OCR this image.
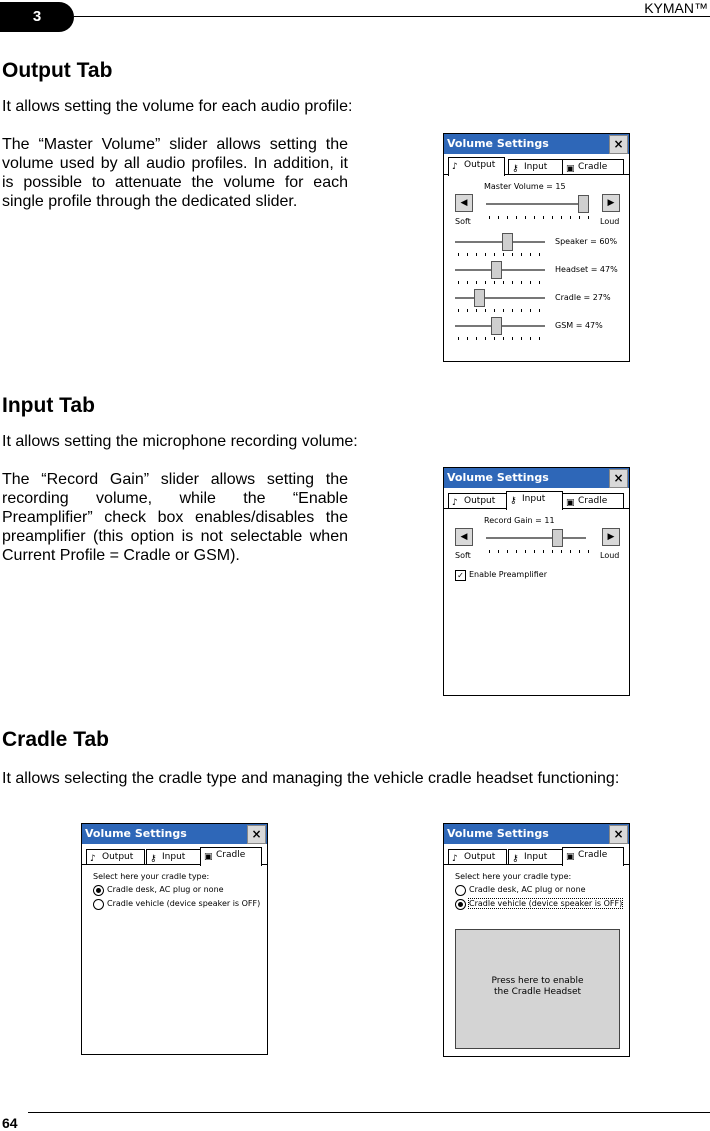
3	KYMAN™
Output Tab
It allows setting the volume for each audio profile:
The “Master Volume” slider allows setting the volume used by all audio profiles. In addition, it is possible to attenuate the volume for each single profile through the dedicated slider.
Volume Settings	×
⚷ Input	▣ Cradle
♪ Output
Master Volume = 15
◀	▶
Soft	Loud
Speaker = 60%
Headset = 47%
Cradle = 27%
GSM = 47%
Input Tab
It allows setting the microphone recording volume:
The “Record Gain” slider allows setting the recording volume, while the “Enable Preamplifier” check box enables/disables the preamplifier (this option is not selectable when Current Profile = Cradle or GSM).
Volume Settings	×
♪ Output	▣ Cradle
⚷ Input
Record Gain = 11
◀	▶
Soft	Loud
✓ Enable Preamplifier
Cradle Tab
It allows selecting the cradle type and managing the vehicle cradle headset functioning:
Volume Settings	×
♪ Output	⚷ Input	▣ Cradle
Select here your cradle type:
Cradle desk, AC plug or none
Cradle vehicle (device speaker is OFF)
Volume Settings	×
♪ Output	⚷ Input	▣ Cradle
Select here your cradle type:
Cradle desk, AC plug or none
Cradle vehicle (device speaker is OFF)
Press here to enable the Cradle Headset
64
